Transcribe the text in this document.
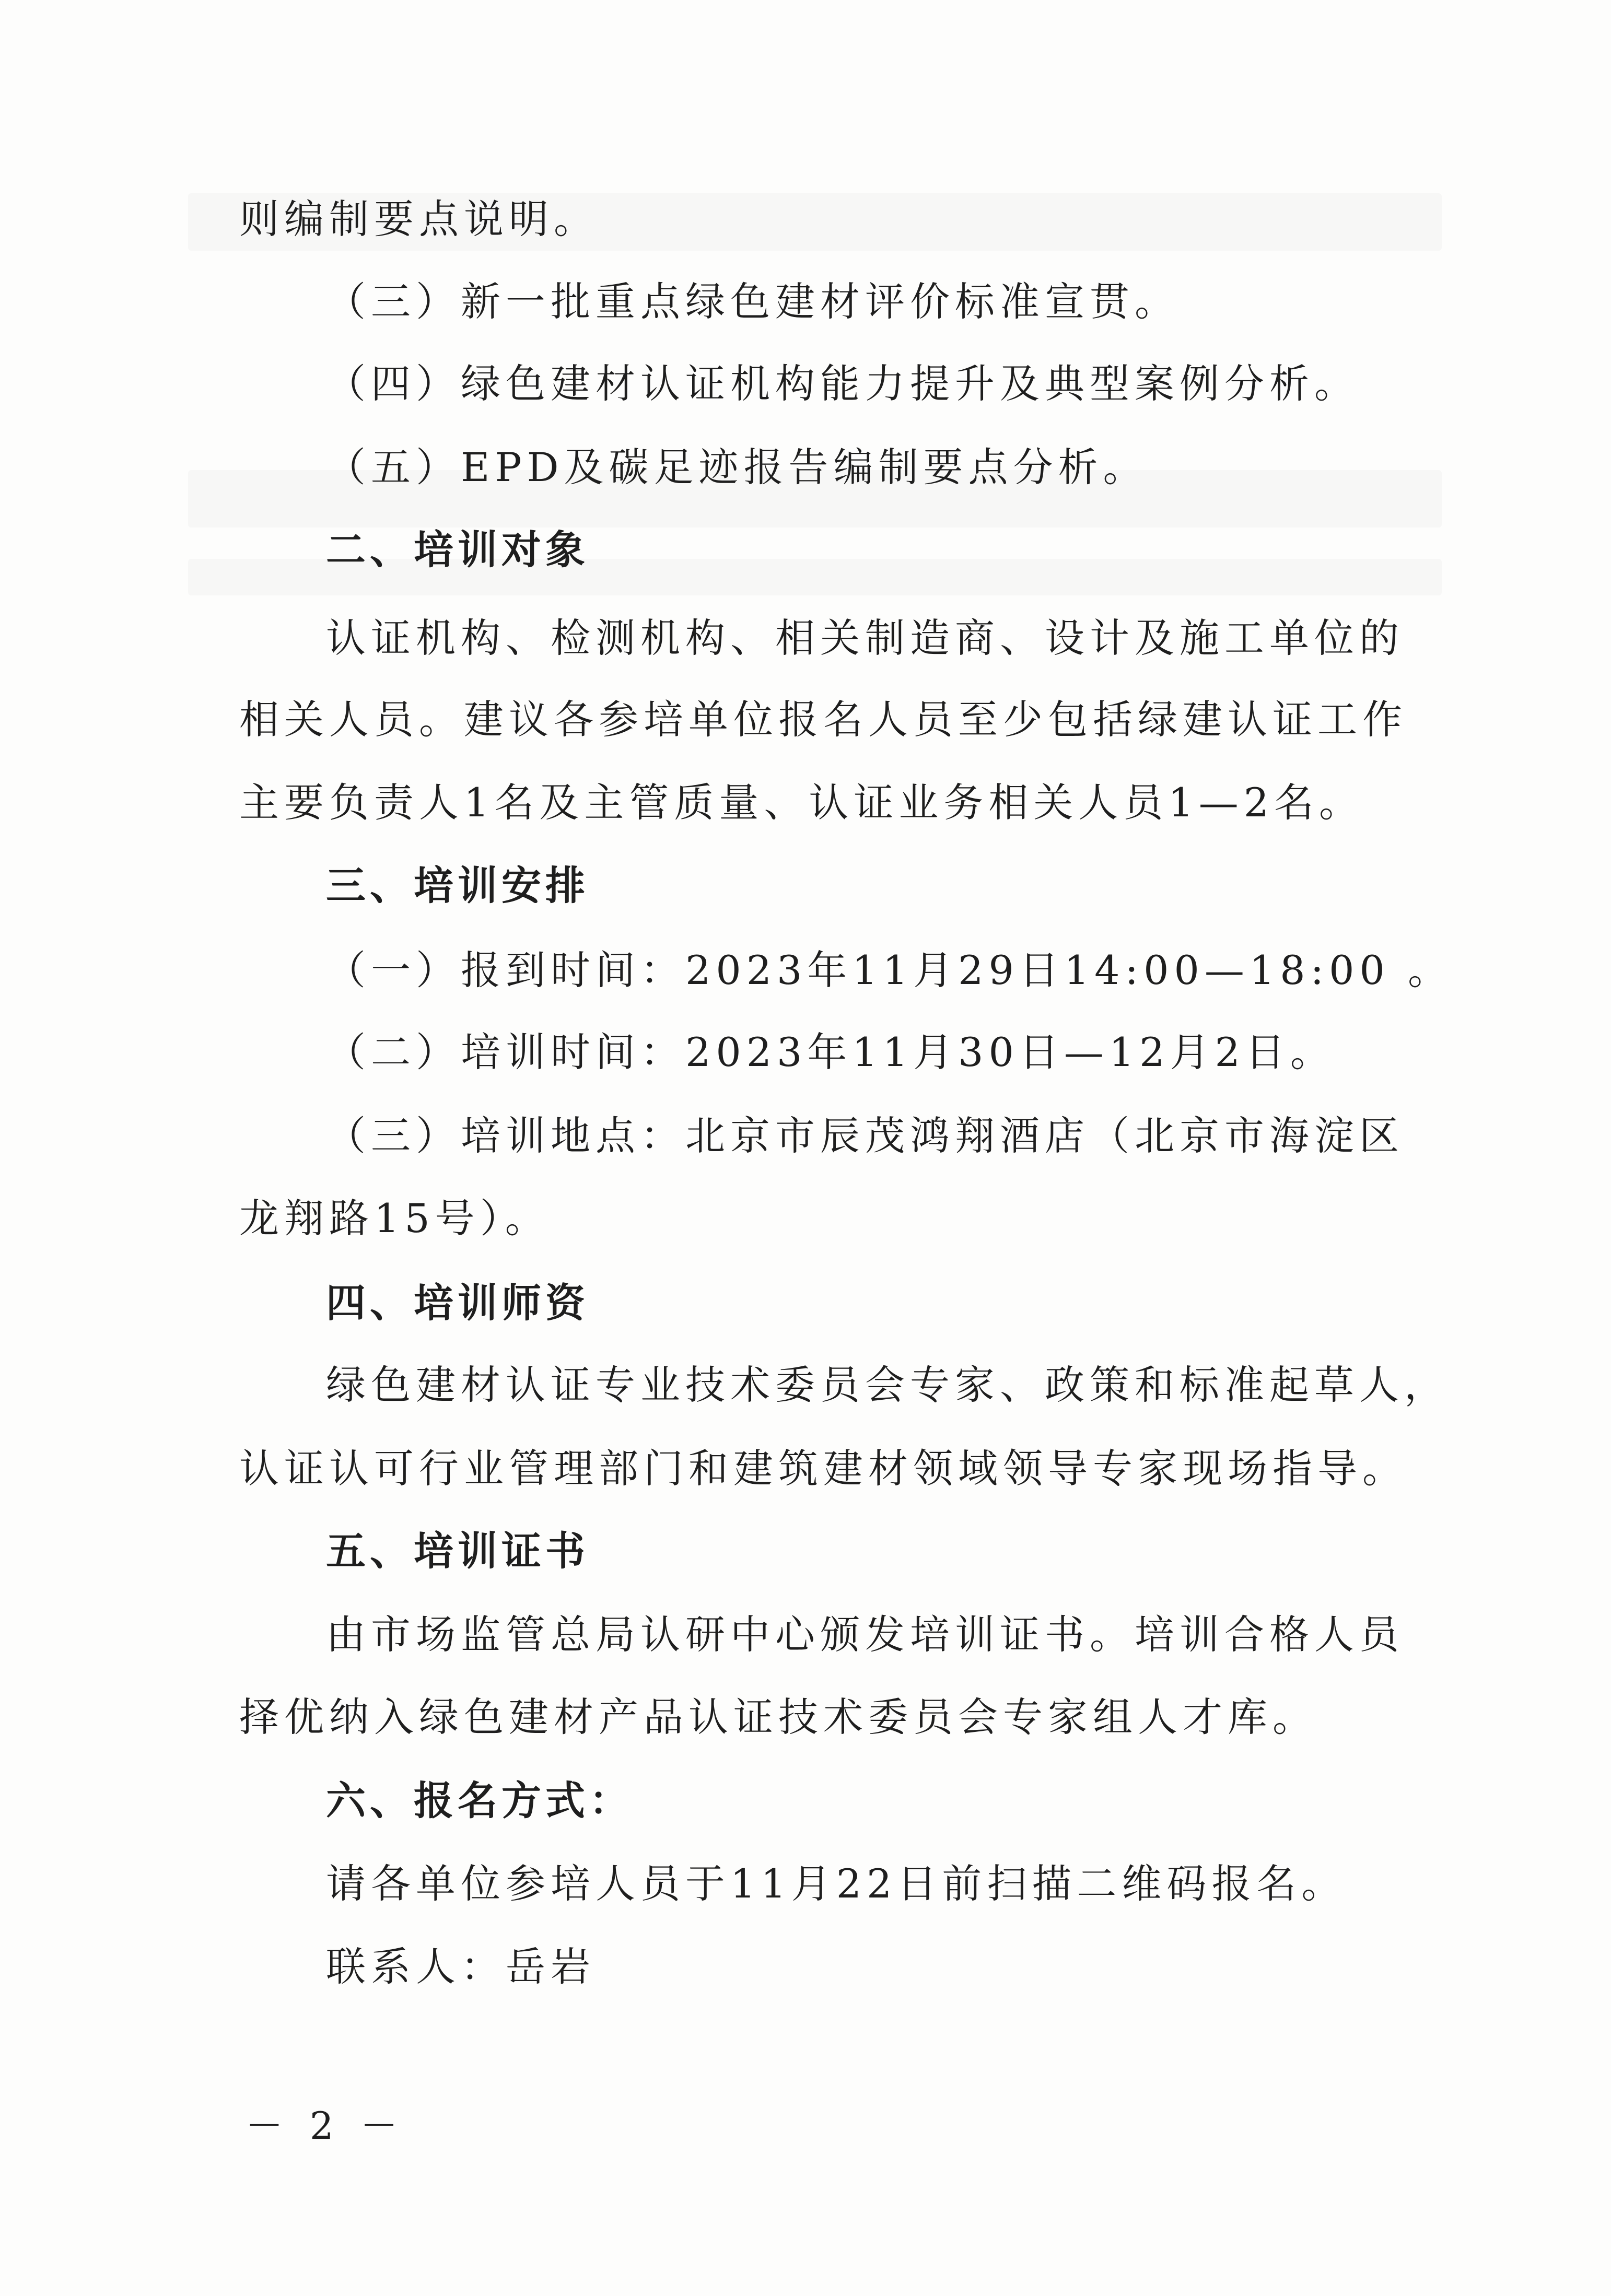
则编制要点说明。
（三）新一批重点绿色建材评价标准宣贯。
（四）绿色建材认证机构能力提升及典型案例分析。
（五）EPD及碳足迹报告编制要点分析。
二、培训对象
认证机构、检测机构、相关制造商、设计及施工单位的
相关人员。建议各参培单位报名人员至少包括绿建认证工作
主要负责人1名及主管质量、认证业务相关人员1—2名。
三、培训安排
（一）报到时间：2023年11月29日14:00—18:00 。
（二）培训时间：2023年11月30日—12月2日。
（三）培训地点：北京市辰茂鸿翔酒店（北京市海淀区
龙翔路15号）。
四、培训师资
绿色建材认证专业技术委员会专家、政策和标准起草人，
认证认可行业管理部门和建筑建材领域领导专家现场指导。
五、培训证书
由市场监管总局认研中心颁发培训证书。培训合格人员
择优纳入绿色建材产品认证技术委员会专家组人才库。
六、报名方式：
请各单位参培人员于11月22日前扫描二维码报名。
联系人：岳岩
－ 2 －
